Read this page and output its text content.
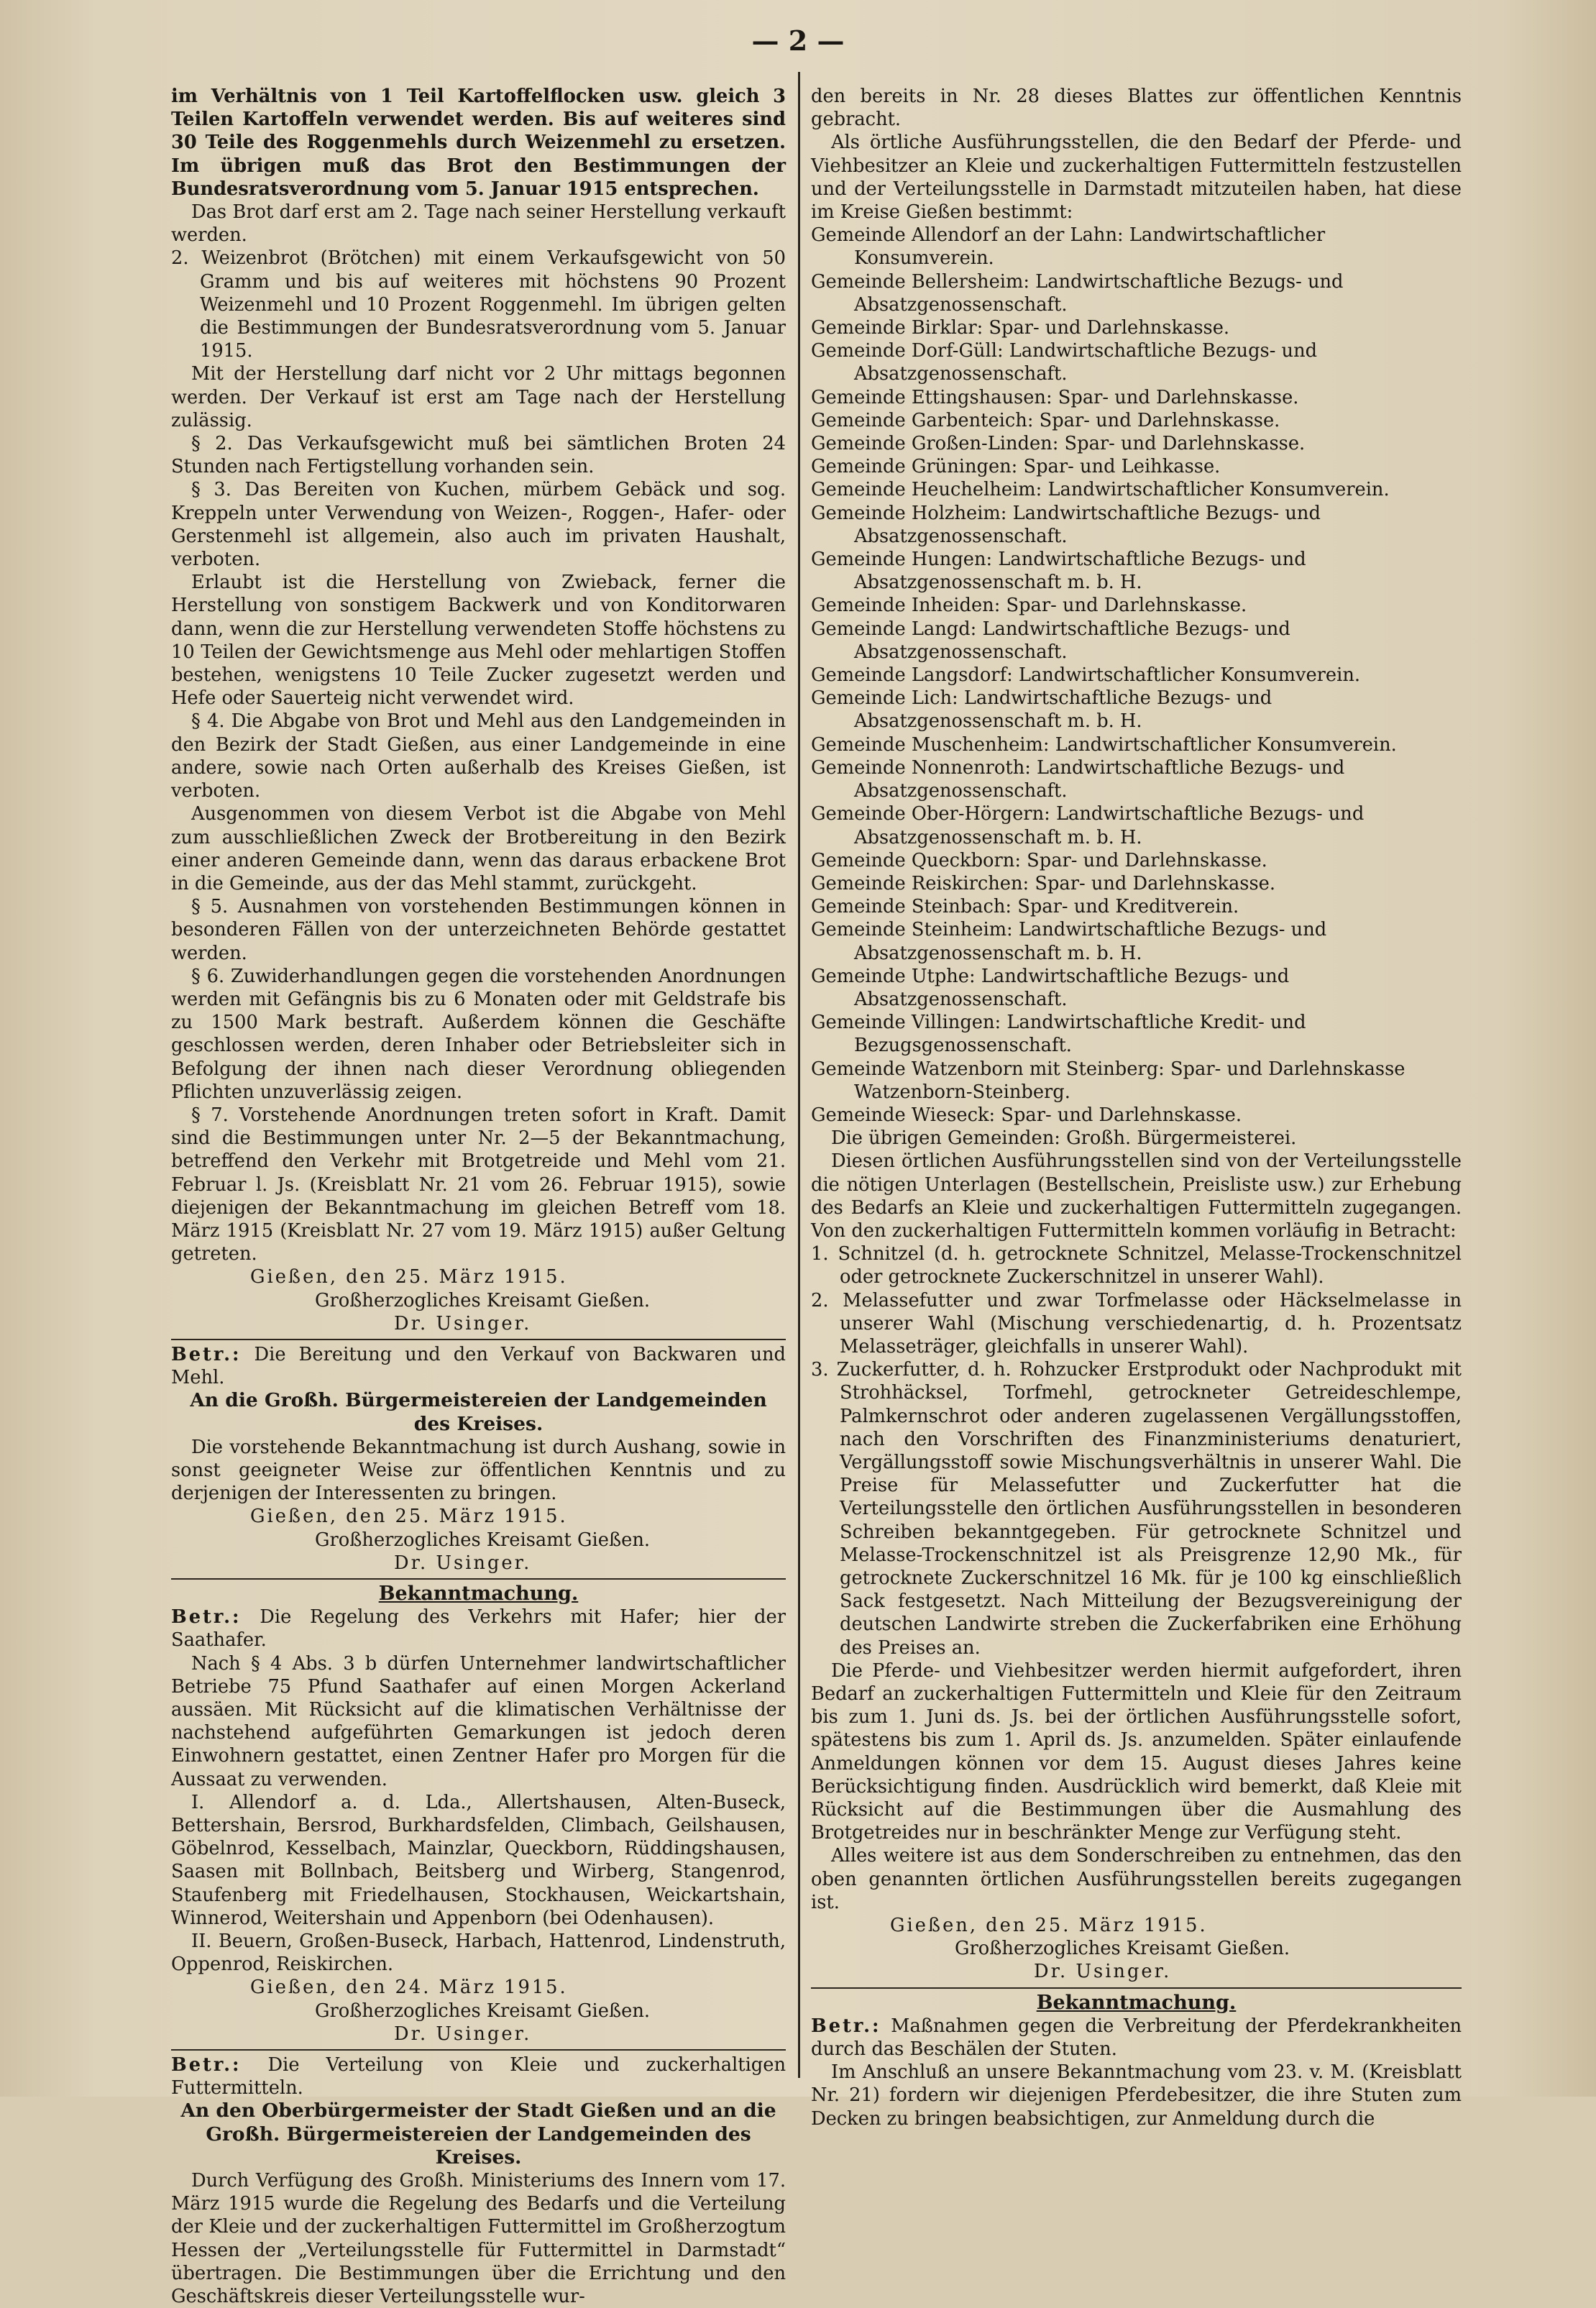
— 2 —

im Verhältnis von 1 Teil Kartoffelflocken usw. gleich 3 Teilen Kartoffeln verwendet werden. Bis auf weiteres sind 30 Teile des Roggenmehls durch Weizenmehl zu ersetzen. Im übrigen muß das Brot den Bestimmungen der Bundesratsverordnung vom 5. Januar 1915 entsprechen.

Das Brot darf erst am 2. Tage nach seiner Herstellung verkauft werden.

2. Weizenbrot (Brötchen) mit einem Verkaufsgewicht von 50 Gramm und bis auf weiteres mit höchstens 90 Prozent Weizenmehl und 10 Prozent Roggenmehl. Im übrigen gelten die Bestimmungen der Bundesratsverordnung vom 5. Januar 1915.

Mit der Herstellung darf nicht vor 2 Uhr mittags begonnen werden. Der Verkauf ist erst am Tage nach der Herstellung zulässig.

§ 2. Das Verkaufsgewicht muß bei sämtlichen Broten 24 Stunden nach Fertigstellung vorhanden sein.

§ 3. Das Bereiten von Kuchen, mürbem Gebäck und sog. Kreppeln unter Verwendung von Weizen-, Roggen-, Hafer- oder Gerstenmehl ist allgemein, also auch im privaten Haushalt, verboten.

Erlaubt ist die Herstellung von Zwieback, ferner die Herstellung von sonstigem Backwerk und von Konditorwaren dann, wenn die zur Herstellung verwendeten Stoffe höchstens zu 10 Teilen der Gewichtsmenge aus Mehl oder mehlartigen Stoffen bestehen, wenigstens 10 Teile Zucker zugesetzt werden und Hefe oder Sauerteig nicht verwendet wird.

§ 4. Die Abgabe von Brot und Mehl aus den Landgemeinden in den Bezirk der Stadt Gießen, aus einer Landgemeinde in eine andere, sowie nach Orten außerhalb des Kreises Gießen, ist verboten.

Ausgenommen von diesem Verbot ist die Abgabe von Mehl zum ausschließlichen Zweck der Brotbereitung in den Bezirk einer anderen Gemeinde dann, wenn das daraus erbackene Brot in die Gemeinde, aus der das Mehl stammt, zurückgeht.

§ 5. Ausnahmen von vorstehenden Bestimmungen können in besonderen Fällen von der unterzeichneten Behörde gestattet werden.

§ 6. Zuwiderhandlungen gegen die vorstehenden Anordnungen werden mit Gefängnis bis zu 6 Monaten oder mit Geldstrafe bis zu 1500 Mark bestraft. Außerdem können die Geschäfte geschlossen werden, deren Inhaber oder Betriebsleiter sich in Befolgung der ihnen nach dieser Verordnung obliegenden Pflichten unzuverlässig zeigen.

§ 7. Vorstehende Anordnungen treten sofort in Kraft. Damit sind die Bestimmungen unter Nr. 2—5 der Bekanntmachung, betreffend den Verkehr mit Brotgetreide und Mehl vom 21. Februar l. Js. (Kreisblatt Nr. 21 vom 26. Februar 1915), sowie diejenigen der Bekanntmachung im gleichen Betreff vom 18. März 1915 (Kreisblatt Nr. 27 vom 19. März 1915) außer Geltung getreten.

Gießen, den 25. März 1915.

Großherzogliches Kreisamt Gießen.

Dr. Usinger.

Betr.: Die Bereitung und den Verkauf von Backwaren und Mehl.

An die Großh. Bürgermeistereien der Landgemeinden des Kreises.

Die vorstehende Bekanntmachung ist durch Aushang, sowie in sonst geeigneter Weise zur öffentlichen Kenntnis und zu derjenigen der Interessenten zu bringen.

Gießen, den 25. März 1915.

Großherzogliches Kreisamt Gießen.

Dr. Usinger.

Bekanntmachung.

Betr.: Die Regelung des Verkehrs mit Hafer; hier der Saathafer.

Nach § 4 Abs. 3 b dürfen Unternehmer landwirtschaftlicher Betriebe 75 Pfund Saathafer auf einen Morgen Ackerland aussäen. Mit Rücksicht auf die klimatischen Verhältnisse der nachstehend aufgeführten Gemarkungen ist jedoch deren Einwohnern gestattet, einen Zentner Hafer pro Morgen für die Aussaat zu verwenden.

I. Allendorf a. d. Lda., Allertshausen, Alten-Buseck, Bettershain, Bersrod, Burkhardsfelden, Climbach, Geilshausen, Göbelnrod, Kesselbach, Mainzlar, Queckborn, Rüddingshausen, Saasen mit Bollnbach, Beitsberg und Wirberg, Stangenrod, Staufenberg mit Friedelhausen, Stockhausen, Weickartshain, Winnerod, Weitershain und Appenborn (bei Odenhausen).

II. Beuern, Großen-Buseck, Harbach, Hattenrod, Lindenstruth, Oppenrod, Reiskirchen.

Gießen, den 24. März 1915.

Großherzogliches Kreisamt Gießen.

Dr. Usinger.

Betr.: Die Verteilung von Kleie und zuckerhaltigen Futtermitteln.

An den Oberbürgermeister der Stadt Gießen und an die Großh. Bürgermeistereien der Landgemeinden des Kreises.

Durch Verfügung des Großh. Ministeriums des Innern vom 17. März 1915 wurde die Regelung des Bedarfs und die Verteilung der Kleie und der zuckerhaltigen Futtermittel im Großherzogtum Hessen der „Verteilungsstelle für Futtermittel in Darmstadt“ übertragen. Die Bestimmungen über die Errichtung und den Geschäftskreis dieser Verteilungsstelle wur-

den bereits in Nr. 28 dieses Blattes zur öffentlichen Kenntnis gebracht.

Als örtliche Ausführungsstellen, die den Bedarf der Pferde- und Viehbesitzer an Kleie und zuckerhaltigen Futtermitteln festzustellen und der Verteilungsstelle in Darmstadt mitzuteilen haben, hat diese im Kreise Gießen bestimmt:

Gemeinde Allendorf an der Lahn: Landwirtschaftlicher Konsumverein.

Gemeinde Bellersheim: Landwirtschaftliche Bezugs- und Absatzgenossenschaft.

Gemeinde Birklar: Spar- und Darlehnskasse.

Gemeinde Dorf-Güll: Landwirtschaftliche Bezugs- und Absatzgenossenschaft.

Gemeinde Ettingshausen: Spar- und Darlehnskasse.

Gemeinde Garbenteich: Spar- und Darlehnskasse.

Gemeinde Großen-Linden: Spar- und Darlehnskasse.

Gemeinde Grüningen: Spar- und Leihkasse.

Gemeinde Heuchelheim: Landwirtschaftlicher Konsumverein.

Gemeinde Holzheim: Landwirtschaftliche Bezugs- und Absatzgenossenschaft.

Gemeinde Hungen: Landwirtschaftliche Bezugs- und Absatzgenossenschaft m. b. H.

Gemeinde Inheiden: Spar- und Darlehnskasse.

Gemeinde Langd: Landwirtschaftliche Bezugs- und Absatzgenossenschaft.

Gemeinde Langsdorf: Landwirtschaftlicher Konsumverein.

Gemeinde Lich: Landwirtschaftliche Bezugs- und Absatzgenossenschaft m. b. H.

Gemeinde Muschenheim: Landwirtschaftlicher Konsumverein.

Gemeinde Nonnenroth: Landwirtschaftliche Bezugs- und Absatzgenossenschaft.

Gemeinde Ober-Hörgern: Landwirtschaftliche Bezugs- und Absatzgenossenschaft m. b. H.

Gemeinde Queckborn: Spar- und Darlehnskasse.

Gemeinde Reiskirchen: Spar- und Darlehnskasse.

Gemeinde Steinbach: Spar- und Kreditverein.

Gemeinde Steinheim: Landwirtschaftliche Bezugs- und Absatzgenossenschaft m. b. H.

Gemeinde Utphe: Landwirtschaftliche Bezugs- und Absatzgenossenschaft.

Gemeinde Villingen: Landwirtschaftliche Kredit- und Bezugsgenossenschaft.

Gemeinde Watzenborn mit Steinberg: Spar- und Darlehnskasse Watzenborn-Steinberg.

Gemeinde Wieseck: Spar- und Darlehnskasse.

Die übrigen Gemeinden: Großh. Bürgermeisterei.

Diesen örtlichen Ausführungsstellen sind von der Verteilungsstelle die nötigen Unterlagen (Bestellschein, Preisliste usw.) zur Erhebung des Bedarfs an Kleie und zuckerhaltigen Futtermitteln zugegangen. Von den zuckerhaltigen Futtermitteln kommen vorläufig in Betracht:

1. Schnitzel (d. h. getrocknete Schnitzel, Melasse-Trockenschnitzel oder getrocknete Zuckerschnitzel in unserer Wahl).

2. Melassefutter und zwar Torfmelasse oder Häckselmelasse in unserer Wahl (Mischung verschiedenartig, d. h. Prozentsatz Melasseträger, gleichfalls in unserer Wahl).

3. Zuckerfutter, d. h. Rohzucker Erstprodukt oder Nachprodukt mit Strohhäcksel, Torfmehl, getrockneter Getreideschlempe, Palmkernschrot oder anderen zugelassenen Vergällungsstoffen, nach den Vorschriften des Finanzministeriums denaturiert, Vergällungsstoff sowie Mischungsverhältnis in unserer Wahl. Die Preise für Melassefutter und Zuckerfutter hat die Verteilungsstelle den örtlichen Ausführungsstellen in besonderen Schreiben bekanntgegeben. Für getrocknete Schnitzel und Melasse-Trockenschnitzel ist als Preisgrenze 12,90 Mk., für getrocknete Zuckerschnitzel 16 Mk. für je 100 kg einschließlich Sack festgesetzt. Nach Mitteilung der Bezugsvereinigung der deutschen Landwirte streben die Zuckerfabriken eine Erhöhung des Preises an.

Die Pferde- und Viehbesitzer werden hiermit aufgefordert, ihren Bedarf an zuckerhaltigen Futtermitteln und Kleie für den Zeitraum bis zum 1. Juni ds. Js. bei der örtlichen Ausführungsstelle sofort, spätestens bis zum 1. April ds. Js. anzumelden. Später einlaufende Anmeldungen können vor dem 15. August dieses Jahres keine Berücksichtigung finden. Ausdrücklich wird bemerkt, daß Kleie mit Rücksicht auf die Bestimmungen über die Ausmahlung des Brotgetreides nur in beschränkter Menge zur Verfügung steht.

Alles weitere ist aus dem Sonderschreiben zu entnehmen, das den oben genannten örtlichen Ausführungsstellen bereits zugegangen ist.

Gießen, den 25. März 1915.

Großherzogliches Kreisamt Gießen.

Dr. Usinger.

Bekanntmachung.

Betr.: Maßnahmen gegen die Verbreitung der Pferdekrankheiten durch das Beschälen der Stuten.

Im Anschluß an unsere Bekanntmachung vom 23. v. M. (Kreisblatt Nr. 21) fordern wir diejenigen Pferdebesitzer, die ihre Stuten zum Decken zu bringen beabsichtigen, zur Anmeldung durch die
